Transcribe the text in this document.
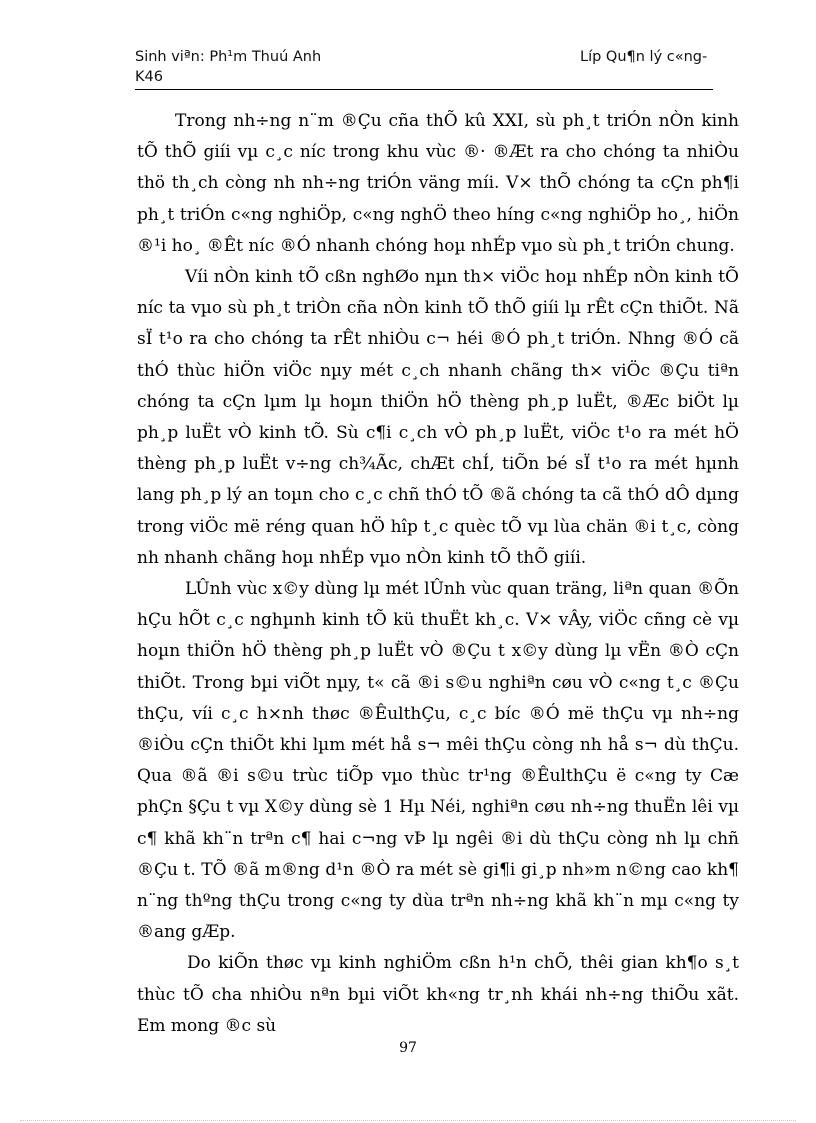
Sinh viªn: Ph¹m Thuú Anh	Líp Qu¶n lý c«ng-
K46

Trong nh÷ng n¨m ®Çu cña thÕ kû XXI, sù ph¸t triÓn nÒn kinh tÕ thÕ giíi vµ c¸c níc trong khu vùc ®· ®Æt ra cho chóng ta nhiÒu thö th¸ch còng nh nh÷ng triÓn väng míi. V× thÕ chóng ta cÇn ph¶i ph¸t triÓn c«ng nghiÖp, c«ng nghÖ theo híng c«ng nghiÖp ho¸, hiÖn ®¹i ho¸ ®Êt níc ®Ó nhanh chóng hoµ nhÉp vµo sù ph¸t triÓn chung.

Víi nÒn kinh tÕ cßn nghØo nµn th× viÖc hoµ nhÉp nÒn kinh tÕ níc ta vµo sù ph¸t triÒn cña nÒn kinh tÕ thÕ giíi lµ rÊt cÇn thiÕt. Nã sÏ t¹o ra cho chóng ta rÊt nhiÒu c¬ héi ®Ó ph¸t triÓn. Nhng ®Ó cã thÓ thùc hiÖn viÖc nµy mét c¸ch nhanh chãng th× viÖc ®Çu tiªn chóng ta cÇn lµm lµ hoµn thiÖn hÖ thèng ph¸p luËt, ®Æc biÖt lµ ph¸p luËt vÒ kinh tÕ. Sù c¶i c¸ch vÒ ph¸p luËt, viÖc t¹o ra mét hÖ thèng ph¸p luËt v÷ng ch¾Ãc, chÆt chÍ, tiÕn bé sÏ t¹o ra mét hµnh lang ph¸p lý an toµn cho c¸c chñ thÓ tÕ ®ã chóng ta cã thÓ dÔ dµng trong viÖc më réng quan hÖ hîp t¸c quèc tÕ vµ lùa chän ®i t¸c, còng nh nhanh chãng hoµ nhÉp vµo nÒn kinh tÕ thÕ giíi.

LÛnh vùc x©y dùng lµ mét lÛnh vùc quan träng, liªn quan ®Õn hÇu hÕt c¸c nghµnh kinh tÕ kü thuËt kh¸c. V× vÂy, viÖc cñng cè vµ hoµn thiÖn hÖ thèng ph¸p luËt vÒ ®Çu t x©y dùng lµ vËn ®Ò cÇn thiÕt. Trong bµi viÕt nµy, t« cã ®i s©u nghiªn cøu vÒ c«ng t¸c ®Çu thÇu, víi c¸c h×nh thøc ®ÊulthÇu, c¸c bíc ®Ó më thÇu vµ nh÷ng ®iÒu cÇn thiÕt khi lµm mét hå s¬ mêi thÇu còng nh hå s¬ dù thÇu. Qua ®ã ®i s©u trùc tiÕp vµo thùc tr¹ng ®ÊulthÇu ë c«ng ty Cæ phÇn §Çu t vµ X©y dùng sè 1 Hµ Néi, nghiªn cøu nh÷ng thuËn lêi vµ c¶ khã kh¨n trªn c¶ hai c¬ng vÞ lµ ngêi ®i dù thÇu còng nh lµ chñ ®Çu t. TÕ ®ã m®ng d¹n ®Ò ra mét sè gi¶i gi¸p nh»m n©ng cao kh¶ n¨ng thºng thÇu trong c«ng ty dùa trªn nh÷ng khã kh¨n mµ c«ng ty ®ang gÆp.

Do kiÕn thøc vµ kinh nghiÖm cßn h¹n chÕ, thêi gian kh¶o s¸t thùc tÕ cha nhiÒu nªn bµi viÕt kh«ng tr¸nh khái nh÷ng thiÕu xãt. Em mong ®c sù

97
